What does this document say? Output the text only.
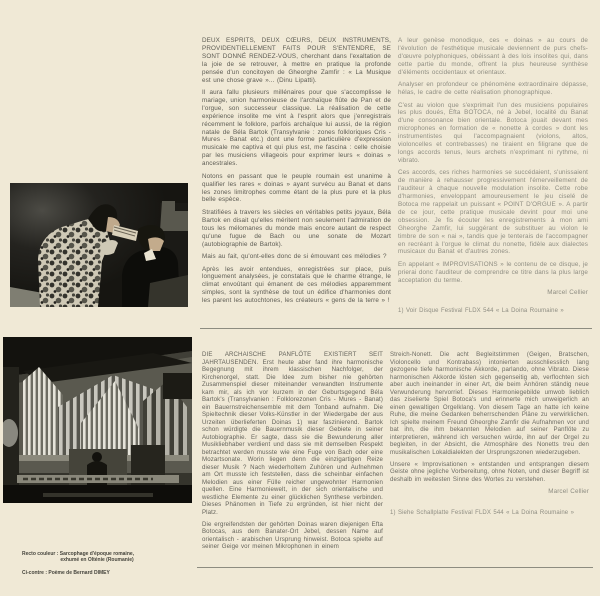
DEUX ESPRITS, DEUX CŒURS, DEUX INSTRUMENTS, PROVIDENTIELLEMENT FAITS POUR S'ENTENDRE, SE SONT DONNÉ RENDEZ-VOUS, cherchant dans l'exaltation de la joie de se retrouver, à mettre en pratique la profonde pensée d'un concitoyen de Gheorghe Zamfir : « La Musique est une chose grave »... (Dinu Lipatti).

Il aura fallu plusieurs millénaires pour que s'accomplisse le mariage, union harmonieuse de l'archaïque flûte de Pan et de l'orgue, son successeur classique. La réalisation de cette expérience insolite me vint à l'esprit alors que j'enregistrais récemment le folklore, parfois archaïque lui aussi, de la région natale de Béla Bartok (Transylvanie : zones folkloriques Cris - Mures - Banat etc.) dont une forme particulière d'expression musicale me captiva et qui plus est, me fascina : celle choisie par les musiciens villageois pour exprimer leurs « doinas » ancestrales.

Notons en passant que le peuple roumain est unanime à qualifier les rares « doinas » ayant survécu au Banat et dans les zones limitrophes comme étant de la plus pure et la plus belle espèce.

Stratifiées à travers les siècles en véritables petits joyaux, Béla Bartok en disait qu'elles méritent non seulement l'admiration de tous les mélomanes du monde mais encore autant de respect qu'une fugue de Bach ou une sonate de Mozart (autobiographie de Bartok).

Mais au fait, qu'ont-elles donc de si émouvant ces mélodies ?

Après les avoir entendues, enregistrées sur place, puis longuement analysées, je constatais que le charme étrange, le climat envoûtant qui émanent de ces mélodies apparemment simples, sont la synthèse de tout un édifice d'harmonies dont les parent les autochtones, les créateurs « gens de la terre » !

A leur genèse monodique, ces « doinas » au cours de l'évolution de l'esthétique musicale deviennent de purs chefs-d'œuvre polyphoniques, obéissant à des lois insolites qui, dans cette partie du monde, offrent la plus heureuse synthèse d'éléments occidentaux et orientaux.

Analyser en profondeur ce phénomène extraordinaire dépasse, hélas, le cadre de cette réalisation phonographique.

C'est au violon que s'exprimait l'un des musiciens populaires les plus doués, Efta BOTOCA, né à Jebel, localité du Banat d'une consonance bien orientale. Botoca jouait devant mes microphones en formation de « nonette à cordes » dont les instrumentistes qui l'accompagnaient (violons, altos, violoncelles et contrebasses) ne tiraient en filigrane que de longs accords tenus, leurs archets n'exprimant ni rythme, ni vibrato.

Ces accords, ces riches harmonies se succédaient, s'unissaient de manière à rehausser progressivement l'émerveillement de l'auditeur à chaque nouvelle modulation insolite. Cette robe d'harmonies, enveloppant amoureusement le jeu ciselé de Botoca me rappelait un puissant « POINT D'ORGUE ». A partir de ce jour, cette pratique musicale devint pour moi une obsession. Je fis écouter les enregistrements à mon ami Gheorghe Zamfir, lui suggérant de substituer au violon le timbre de son « nai », tandis que je tenterais de l'accompagner en recréant à l'orgue le climat du nonette, fidèle aux dialectes musicaux du Banat et d'autres zones.

En appelant « IMPROVISATIONS » le contenu de ce disque, je prierai donc l'auditeur de comprendre ce titre dans la plus large acceptation du terme.

Marcel Cellier
1) Voir Disque Festival FLDX 544 « La Doina Roumaine »

DIE ARCHAISCHE PANFLÖTE EXISTIERT SEIT JAHRTAUSENDEN. Erst heute aber fand ihre harmonische Begegnung mit ihrem klassischen Nachfolger, der Kirchenorgel, statt. Die Idee zum bisher nie gehörten Zusammenspiel dieser miteinander verwandten Instrumente kam mir, als ich vor kurzem in der Geburtsgegend Béla Bartok's (Transylvanien : Folklorezonen Cris - Mures - Banat) ein Bauernstreichensemble mit dem Tonband aufnahm. Die Spieltechnik dieser Volks-Künstler in der Wiedergabe der aus Urzeiten überlieferten Doinas 1) war faszinierend. Bartok schon würdigte die Bauernmusik dieser Gebiete in seiner Autobiographie. Er sagte, dass sie die Bewunderung aller Musikliebhaber verdient und dass sie mit demselben Respekt betrachtet werden musste wie eine Fuge von Bach oder eine Mozartsonate. Worin liegen denn die einzigartigen Reize dieser Musik ? Nach wiederholtem Zuhören und Aufnehmen am Ort musste ich feststellen, dass die scheinbar einfachen Melodien aus einer Fülle reicher ungewohnter Harmonien quellen. Eine Harmoniewelt, in der sich orientalische und westliche Elemente zu einer glücklichen Synthese verbinden. Dieses Phänomen in Tiefe zu ergründen, ist hier nicht der Platz.

Die ergreifendsten der gehörten Doinas waren diejenigen Efta Botocas, aus dem Banater-Ort Jebel, dessen Name auf orientalisch - arabischen Ursprung hinweist. Botoca spielte auf seiner Geige vor meinen Mikrophonen in einem

Streich-Nonett. Die acht Begleitstimmen (Geigen, Bratschen, Violoncello und Kontrabass) intonierten ausschliesslich lang gezogene tiefe harmonische Akkorde, parlando, ohne Vibrato. Diese harmonischen Akkorde lösten sich gegenseitig ab, verflochten sich aber auch ineinander in einer Art, die beim Anhören ständig neue Verwunderung hervorrief. Dieses Harmoniegebilde umwob lieblich das ziselierte Spiel Botoca's und erinnerte mich unweigerlich an einen gewaltigen Orgelklang. Von diesem Tage an hatte ich keine Ruhe, die meine Gedanken beherrschenden Pläne zu verwirklichen. Ich spielte meinem Freund Gheorghe Zamfir die Aufnahmen vor und bat ihn, die ihm bekannten Melodien auf seiner Panflöte zu interpretieren, während ich versuchen würde, ihn auf der Orgel zu begleiten, in der Absicht, die Atmosphäre des Nonetts treu den musikalischen Lokaldialekten der Ursprungszonen wiederzugeben.

Unsere « Improvisationen » entstanden und entsprangen diesem Geiste ohne jegliche Vorbereitung, ohne Noten, und dieser Begriff ist deshalb im weitesten Sinne des Wortes zu verstehen.

Marcel Cellier
1) Siehe Schallplatte Festival FLDX 544 « La Doina Roumaine »
Recto couleur : Sarcophage d'époque romaine,
exhumé en Olténie (Roumanie)
Ci-contre : Poème de Bernard DIMEY
